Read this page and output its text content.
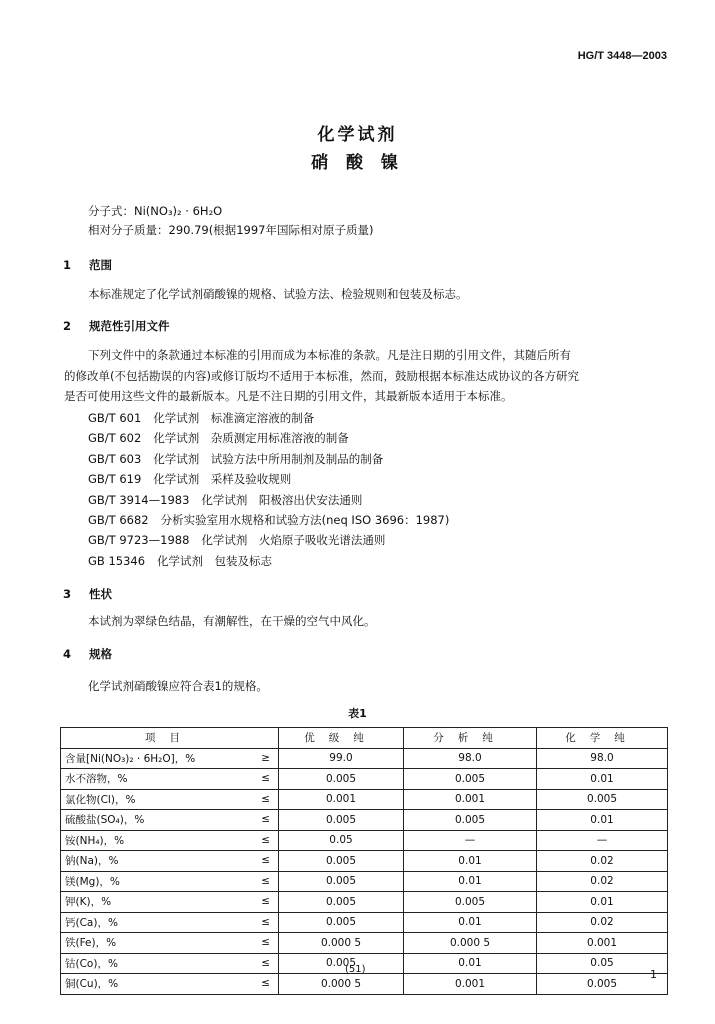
HG/T 3448—2003
化学试剂
硝 酸 镍
分子式：Ni(NO₃)₂ · 6H₂O
相对分子质量：290.79(根据1997年国际相对原子质量)
1 范围
本标准规定了化学试剂硝酸镍的规格、试验方法、检验规则和包装及标志。
2 规范性引用文件
下列文件中的条款通过本标准的引用而成为本标准的条款。凡是注日期的引用文件，其随后所有
的修改单(不包括勘误的内容)或修订版均不适用于本标准，然而，鼓励根据本标准达成协议的各方研究
是否可使用这些文件的最新版本。凡是不注日期的引用文件，其最新版本适用于本标准。
GB/T 601 化学试剂　标准滴定溶液的制备
GB/T 602 化学试剂　杂质测定用标准溶液的制备
GB/T 603 化学试剂　试验方法中所用制剂及制品的制备
GB/T 619 化学试剂　采样及验收规则
GB/T 3914—1983 化学试剂　阳极溶出伏安法通则
GB/T 6682 分析实验室用水规格和试验方法(neq ISO 3696：1987)
GB/T 9723—1988 化学试剂　火焰原子吸收光谱法通则
GB 15346 化学试剂　包装及标志
3 性状
本试剂为翠绿色结晶，有潮解性，在干燥的空气中风化。
4 规格
化学试剂硝酸镍应符合表1的规格。
表1
项目	优级纯	分析纯	化学纯
含量[Ni(NO₃)₂ · 6H₂O]，% ≥	99.0	98.0	98.0
水不溶物，% ≤	0.005	0.005	0.01
氯化物(Cl)，% ≤	0.001	0.001	0.005
硫酸盐(SO₄)，% ≤	0.005	0.005	0.01
铵(NH₄)，% ≤	0.05	—	—
钠(Na)，% ≤	0.005	0.01	0.02
镁(Mg)，% ≤	0.005	0.01	0.02
钾(K)，% ≤	0.005	0.005	0.01
钙(Ca)，% ≤	0.005	0.01	0.02
铁(Fe)，% ≤	0.000 5	0.000 5	0.001
钴(Co)，% ≤	0.005	0.01	0.05
铜(Cu)，% ≤	0.000 5	0.001	0.005
(51)	1
